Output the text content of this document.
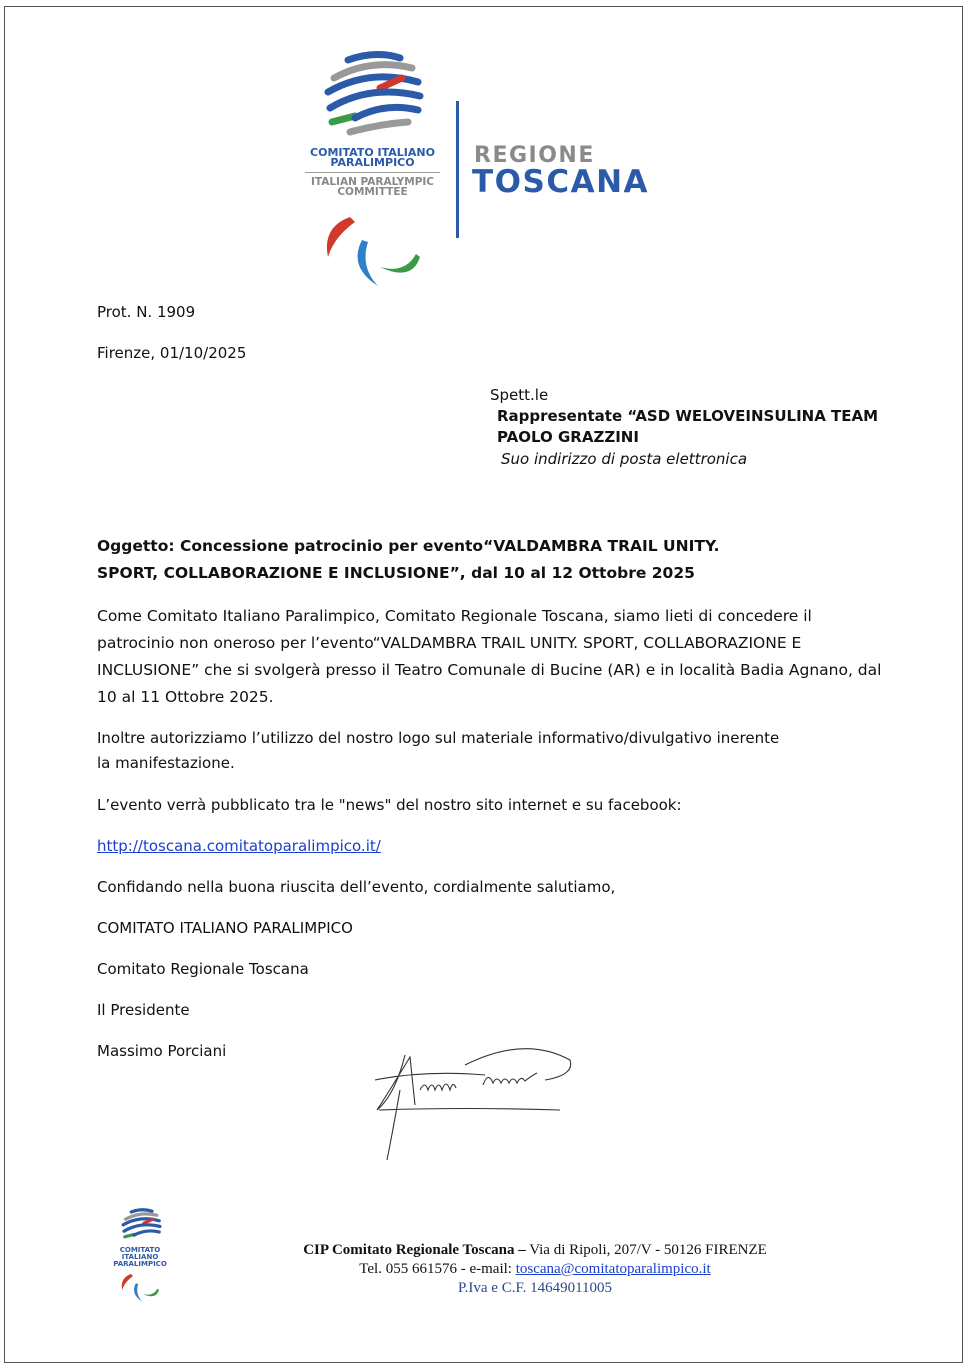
COMITATO ITALIANO
PARALIMPICO
ITALIAN PARALYMPIC
COMMITTEE
REGIONE
TOSCANA
Prot. N. 1909
Firenze, 01/10/2025
Spett.le
Rappresentate “ASD WELOVEINSULINA TEAM
PAOLO GRAZZINI
Suo indirizzo di posta elettronica
Oggetto: Concessione patrocinio per evento“VALDAMBRA TRAIL UNITY. SPORT, COLLABORAZIONE E INCLUSIONE”, dal 10 al 12 Ottobre 2025
Come Comitato Italiano Paralimpico, Comitato Regionale Toscana, siamo lieti di concedere il patrocinio non oneroso per l’evento“VALDAMBRA TRAIL UNITY. SPORT, COLLABORAZIONE E INCLUSIONE” che si svolgerà presso il Teatro Comunale di Bucine (AR) e in località Badia Agnano, dal 10 al 11 Ottobre 2025.
Inoltre autorizziamo l’utilizzo del nostro logo sul materiale informativo/divulgativo inerente la manifestazione.
L’evento verrà pubblicato tra le "news" del nostro sito internet e su facebook:
http://toscana.comitatoparalimpico.it/
Confidando nella buona riuscita dell’evento, cordialmente salutiamo,
COMITATO ITALIANO PARALIMPICO
Comitato Regionale Toscana
Il Presidente
Massimo Porciani
COMITATO
ITALIANO
PARALIMPICO
CIP Comitato Regionale Toscana – Via di Ripoli, 207/V - 50126 FIRENZE
Tel. 055 661576 - e-mail: toscana@comitatoparalimpico.it
P.Iva e C.F. 14649011005
